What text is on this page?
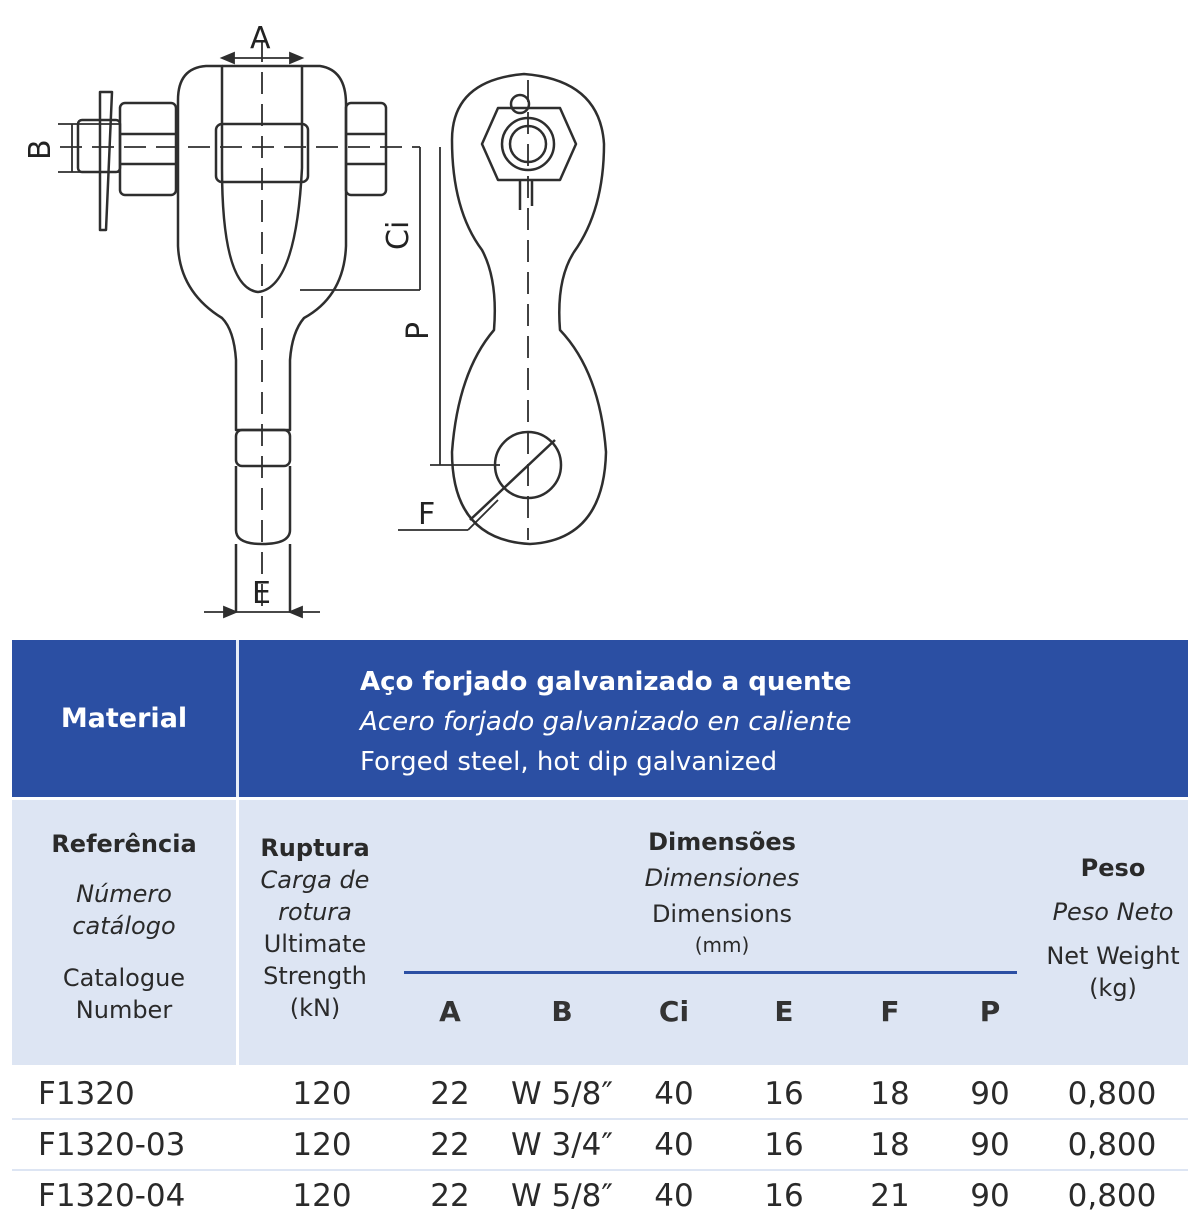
A
B
Ci
P
F
E
Material
Aço forjado galvanizado a quente
Acero forjado galvanizado en caliente
Forged steel, hot dip galvanized
Referência
Número
catálogo
Catalogue
Number
Ruptura
Carga de
rotura
Ultimate
Strength
(kN)
Dimensões
Dimensiones
Dimensions
(mm)
A	B	Ci	E	F	P
Peso
Peso Neto
Net Weight
(kg)
F1320	120	22	W 5/8″	40	16	18	90	0,800
F1320-03	120	22	W 3/4″	40	16	18	90	0,800
F1320-04	120	22	W 5/8″	40	16	21	90	0,800
